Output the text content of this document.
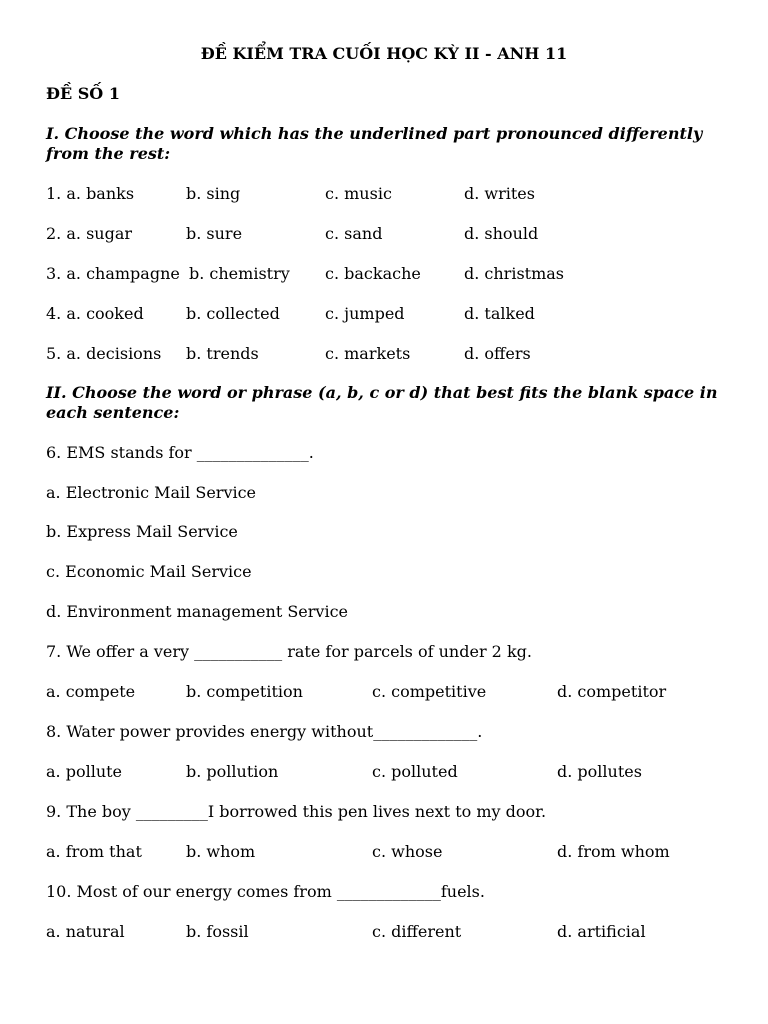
ĐỀ KIỂM TRA CUỐI HỌC KỲ II - ANH 11
ĐỀ SỐ 1
I. Choose the word which has the underlined part pronounced differently from the rest:
1. a. banks	b. sing	c. music	d. writes
2. a. sugar	b. sure	c. sand	d. should
3. a. champagne b. chemistry c. backache	d. christmas
4. a. cooked	b. collected	c. jumped	d. talked
5. a. decisions b. trends	c. markets	d. offers
II. Choose the word or phrase (a, b, c or d) that best fits the blank space in each sentence:
6. EMS stands for ______________.
a. Electronic Mail Service
b. Express Mail Service
c. Economic Mail Service
d. Environment management Service
7. We offer a very ___________ rate for parcels of under 2 kg.
a. compete	b. competition	c. competitive	d. competitor
8. Water power provides energy without_____________.
a. pollute	b. pollution	c. polluted	d. pollutes
9. The boy _________I borrowed this pen lives next to my door.
a. from that	b. whom	c. whose	d. from whom
10. Most of our energy comes from _____________fuels.
a. natural	b. fossil	c. different	d. artificial
